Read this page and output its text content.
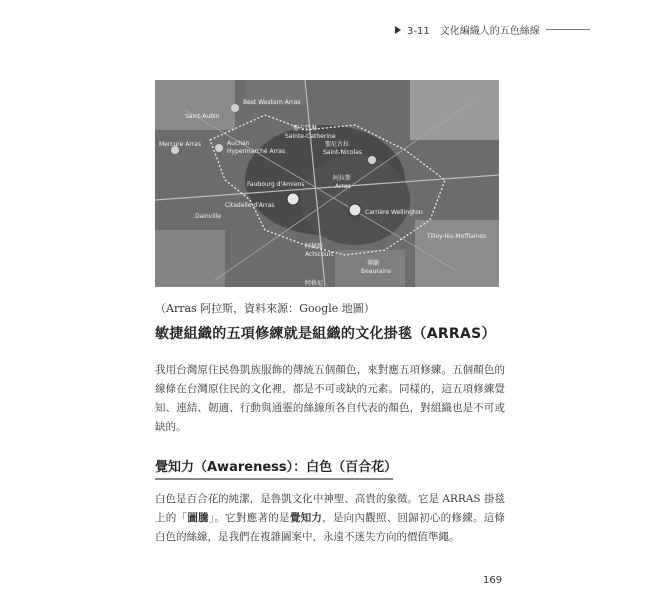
3-11　文化編織人的五色絲線
Best Western Arras
Saint-Aubin
聖卡特琳
Sainte-Catherine
Auchan
Hypermarché Arras
Mercure Arras	聖尼古拉
Saint-Nicolas
阿拉斯
Arras
Faubourg d'Amiens
Citadelle d'Arras
阿赫維
Achicourt
Carrière Wellington
Dainville
博蘭
Beaurains
Tilloy-lès-Mofflaines
阿格尼
（Arras 阿拉斯，資料來源：Google 地圖）
敏捷組織的五項修練就是組織的文化掛毯（ARRAS）
我用台灣原住民魯凱族服飾的傳統五個顏色，來對應五項修練。五個顏色的線條在台灣原住民的文化裡，都是不可或缺的元素。同樣的，這五項修練覺知、連結、韌適、行動與通靈的絲線所各自代表的顏色，對組織也是不可或缺的。
覺知力（Awareness）：白色（百合花）
白色是百合花的純潔，是魯凱文化中神聖、高貴的象徵。它是 ARRAS 掛毯上的「圖騰」。它對應著的是覺知力，是向內觀照、回歸初心的修練。這條白色的絲線，是我們在複雜圖案中，永遠不迷失方向的價值準繩。
169
